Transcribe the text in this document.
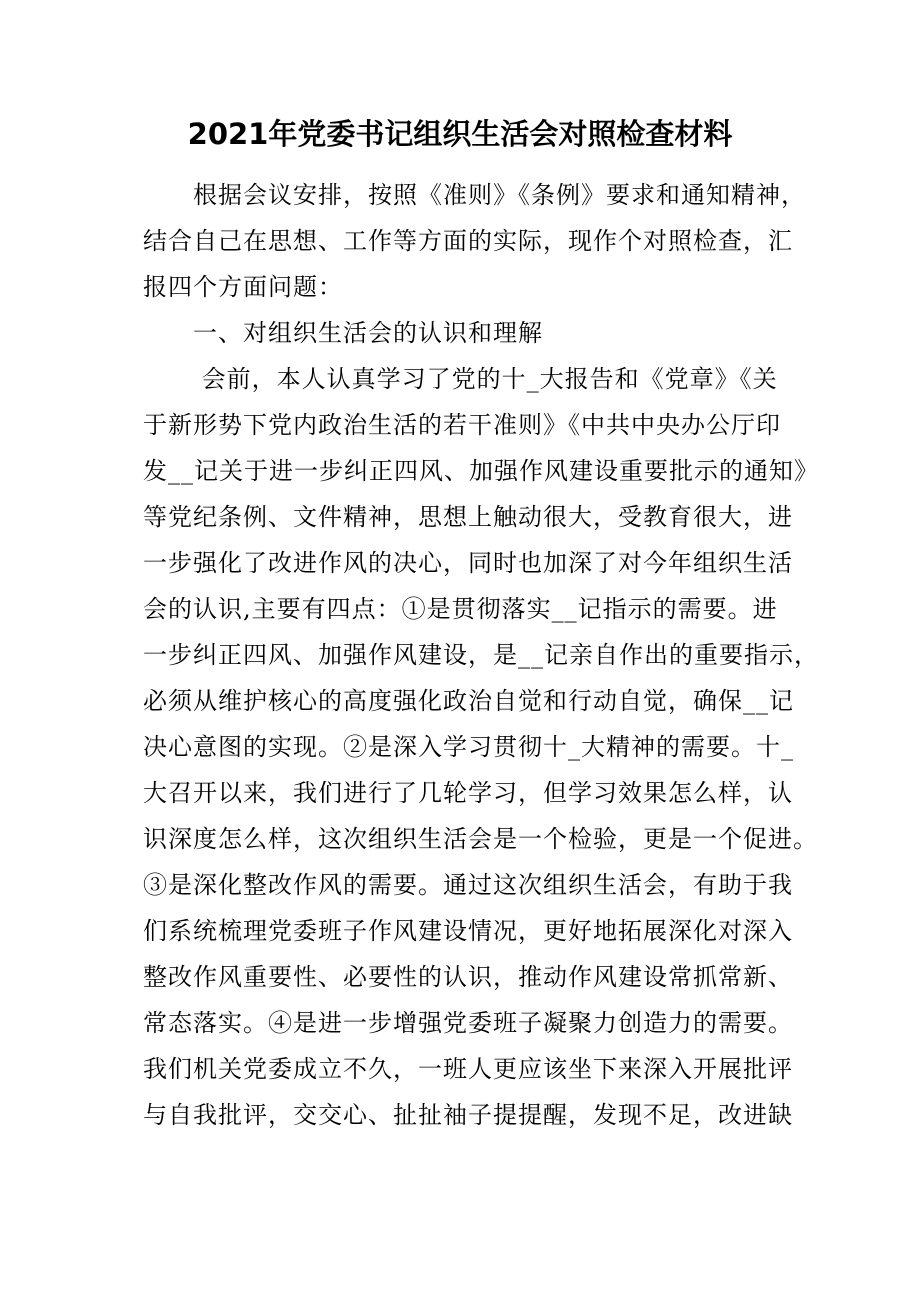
2021年党委书记组织生活会对照检查材料
　　根据会议安排，按照《准则》《条例》要求和通知精神，
结合自己在思想、工作等方面的实际，现作个对照检查，汇
报四个方面问题：
　　一、对组织生活会的认识和理解
　　 会前，本人认真学习了党的十_大报告和《党章》《关
于新形势下党内政治生活的若干准则》《中共中央办公厅印
发__记关于进一步纠正四风、加强作风建设重要批示的通知》
等党纪条例、文件精神，思想上触动很大，受教育很大，进
一步强化了改进作风的决心，同时也加深了对今年组织生活
会的认识,主要有四点：①是贯彻落实__记指示的需要。进
一步纠正四风、加强作风建设，是__记亲自作出的重要指示，
必须从维护核心的高度强化政治自觉和行动自觉，确保__记
决心意图的实现。②是深入学习贯彻十_大精神的需要。十_
大召开以来，我们进行了几轮学习，但学习效果怎么样，认
识深度怎么样，这次组织生活会是一个检验，更是一个促进。
③是深化整改作风的需要。通过这次组织生活会，有助于我
们系统梳理党委班子作风建设情况，更好地拓展深化对深入
整改作风重要性、必要性的认识，推动作风建设常抓常新、
常态落实。④是进一步增强党委班子凝聚力创造力的需要。
我们机关党委成立不久，一班人更应该坐下来深入开展批评
与自我批评，交交心、扯扯袖子提提醒，发现不足，改进缺
